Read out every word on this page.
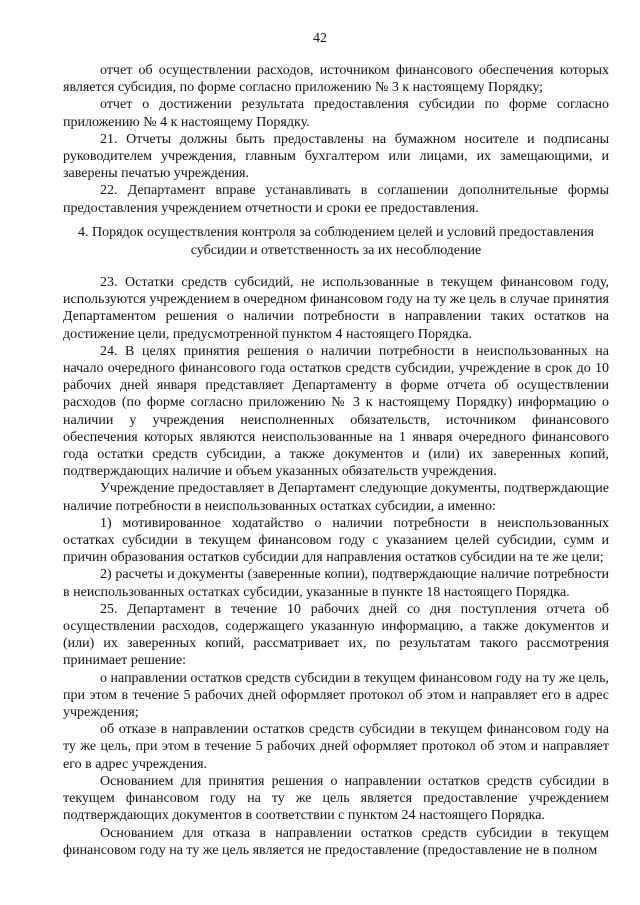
42

отчет об осуществлении расходов, источником финансового обеспечения которых является субсидия, по форме согласно приложению № 3 к настоящему Порядку;

отчет о достижении результата предоставления субсидии по форме согласно приложению № 4 к настоящему Порядку.

21. Отчеты должны быть предоставлены на бумажном носителе и подписаны руководителем учреждения, главным бухгалтером или лицами, их замещающими, и заверены печатью учреждения.

22. Департамент вправе устанавливать в соглашении дополнительные формы предоставления учреждением отчетности и сроки ее предоставления.

4. Порядок осуществления контроля за соблюдением целей и условий предоставления субсидии и ответственность за их несоблюдение

23. Остатки средств субсидий, не использованные в текущем финансовом году, используются учреждением в очередном финансовом году на ту же цель в случае принятия Департаментом решения о наличии потребности в направлении таких остатков на достижение цели, предусмотренной пунктом 4 настоящего Порядка.

24. В целях принятия решения о наличии потребности в неиспользованных на начало очередного финансового года остатков средств субсидии, учреждение в срок до 10 рабочих дней января представляет Департаменту в форме отчета об осуществлении расходов (по форме согласно приложению № 3 к настоящему Порядку) информацию о наличии у учреждения неисполненных обязательств, источником финансового обеспечения которых являются неиспользованные на 1 января очередного финансового года остатки средств субсидии, а также документов и (или) их заверенных копий, подтверждающих наличие и объем указанных обязательств учреждения.

Учреждение предоставляет в Департамент следующие документы, подтверждающие наличие потребности в неиспользованных остатках субсидии, а именно:

1) мотивированное ходатайство о наличии потребности в неиспользованных остатках субсидии в текущем финансовом году с указанием целей субсидии, сумм и причин образования остатков субсидии для направления остатков субсидии на те же цели;

2) расчеты и документы (заверенные копии), подтверждающие наличие потребности в неиспользованных остатках субсидии, указанные в пункте 18 настоящего Порядка.

25. Департамент в течение 10 рабочих дней со дня поступления отчета об осуществлении расходов, содержащего указанную информацию, а также документов и (или) их заверенных копий, рассматривает их, по результатам такого рассмотрения принимает решение:

о направлении остатков средств субсидии в текущем финансовом году на ту же цель, при этом в течение 5 рабочих дней оформляет протокол об этом и направляет его в адрес учреждения;

об отказе в направлении остатков средств субсидии в текущем финансовом году на ту же цель, при этом в течение 5 рабочих дней оформляет протокол об этом и направляет его в адрес учреждения.

Основанием для принятия решения о направлении остатков средств субсидии в текущем финансовом году на ту же цель является предоставление учреждением подтверждающих документов в соответствии с пунктом 24 настоящего Порядка.

Основанием для отказа в направлении остатков средств субсидии в текущем финансовом году на ту же цель является не предоставление (предоставление не в полном
